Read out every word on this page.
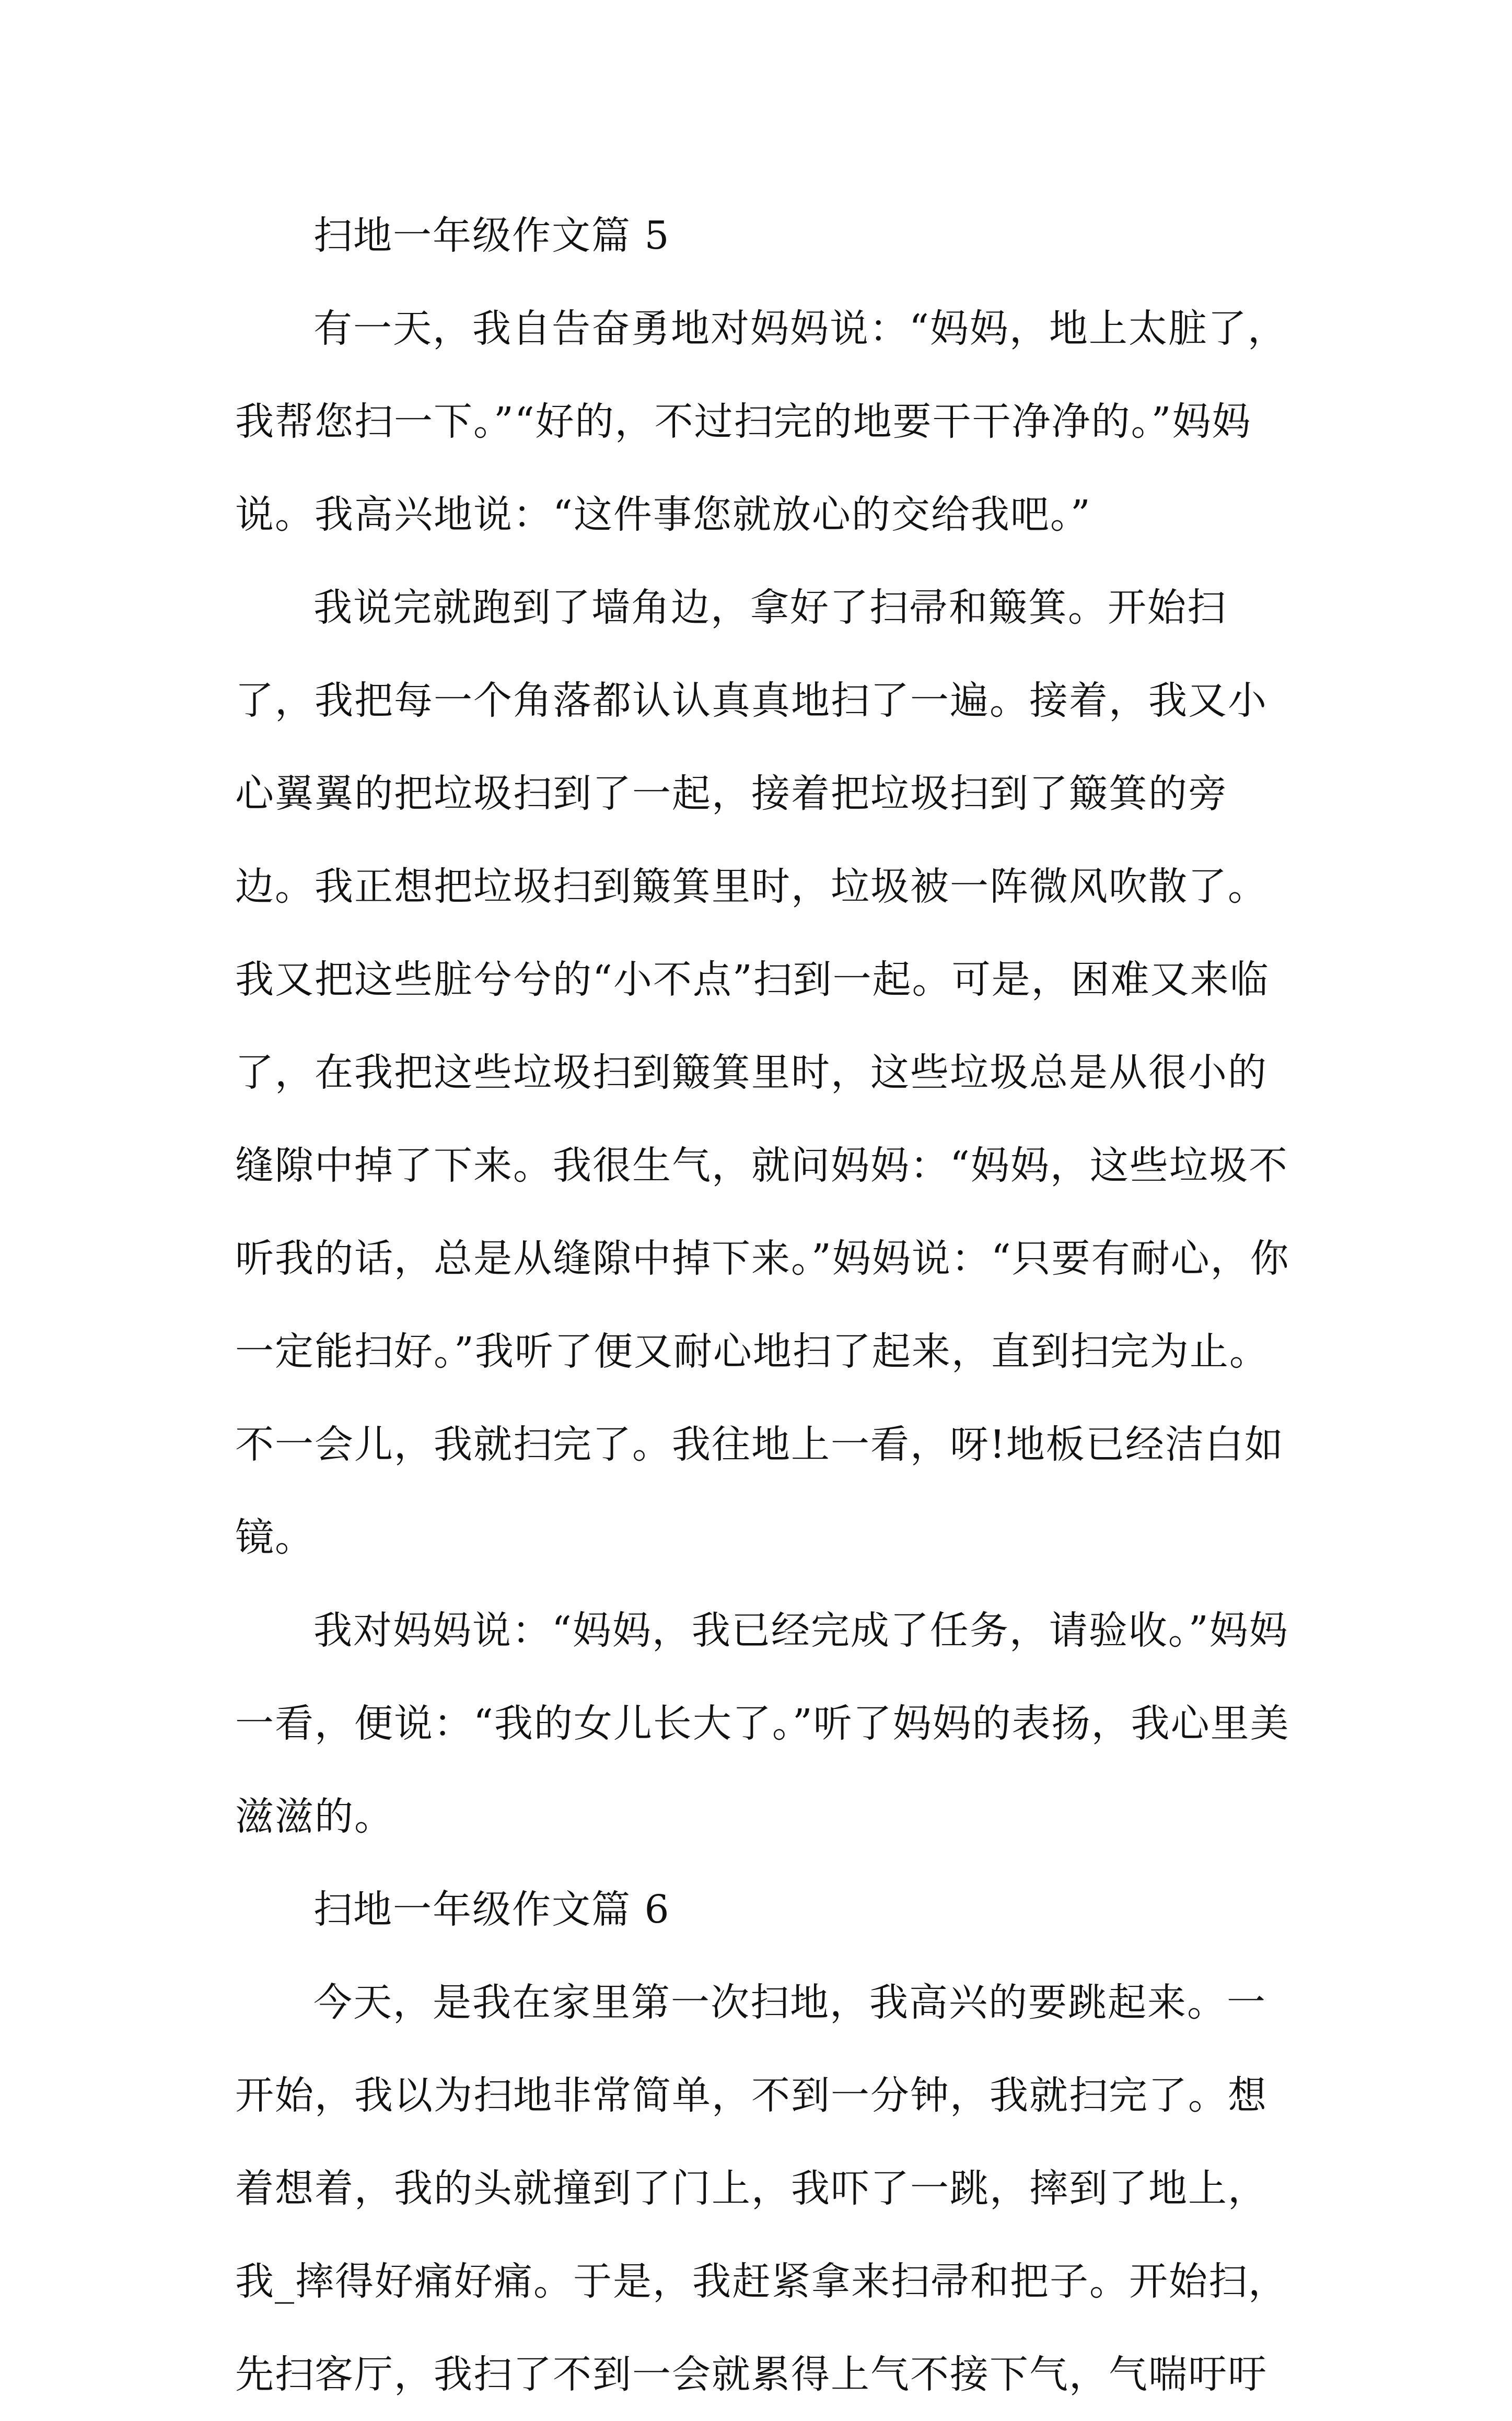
扫地一年级作文篇 5

有一天，我自告奋勇地对妈妈说：“妈妈，地上太脏了，我帮您扫一下。”“好的，不过扫完的地要干干净净的。”妈妈说。我高兴地说：“这件事您就放心的交给我吧。”

我说完就跑到了墙角边，拿好了扫帚和簸箕。开始扫了，我把每一个角落都认认真真地扫了一遍。接着，我又小心翼翼的把垃圾扫到了一起，接着把垃圾扫到了簸箕的旁边。我正想把垃圾扫到簸箕里时，垃圾被一阵微风吹散了。我又把这些脏兮兮的“小不点”扫到一起。可是，困难又来临了，在我把这些垃圾扫到簸箕里时，这些垃圾总是从很小的缝隙中掉了下来。我很生气，就问妈妈：“妈妈，这些垃圾不听我的话，总是从缝隙中掉下来。”妈妈说：“只要有耐心，你一定能扫好。”我听了便又耐心地扫了起来，直到扫完为止。不一会儿，我就扫完了。我往地上一看，呀!地板已经洁白如镜。

我对妈妈说：“妈妈，我已经完成了任务，请验收。”妈妈一看，便说：“我的女儿长大了。”听了妈妈的表扬，我心里美滋滋的。

扫地一年级作文篇 6

今天，是我在家里第一次扫地，我高兴的要跳起来。一开始，我以为扫地非常简单，不到一分钟，我就扫完了。想着想着，我的头就撞到了门上，我吓了一跳，摔到了地上，我_摔得好痛好痛。于是，我赶紧拿来扫帚和把子。开始扫，先扫客厅，我扫了不到一会就累得上气不接下气，气喘吁吁
